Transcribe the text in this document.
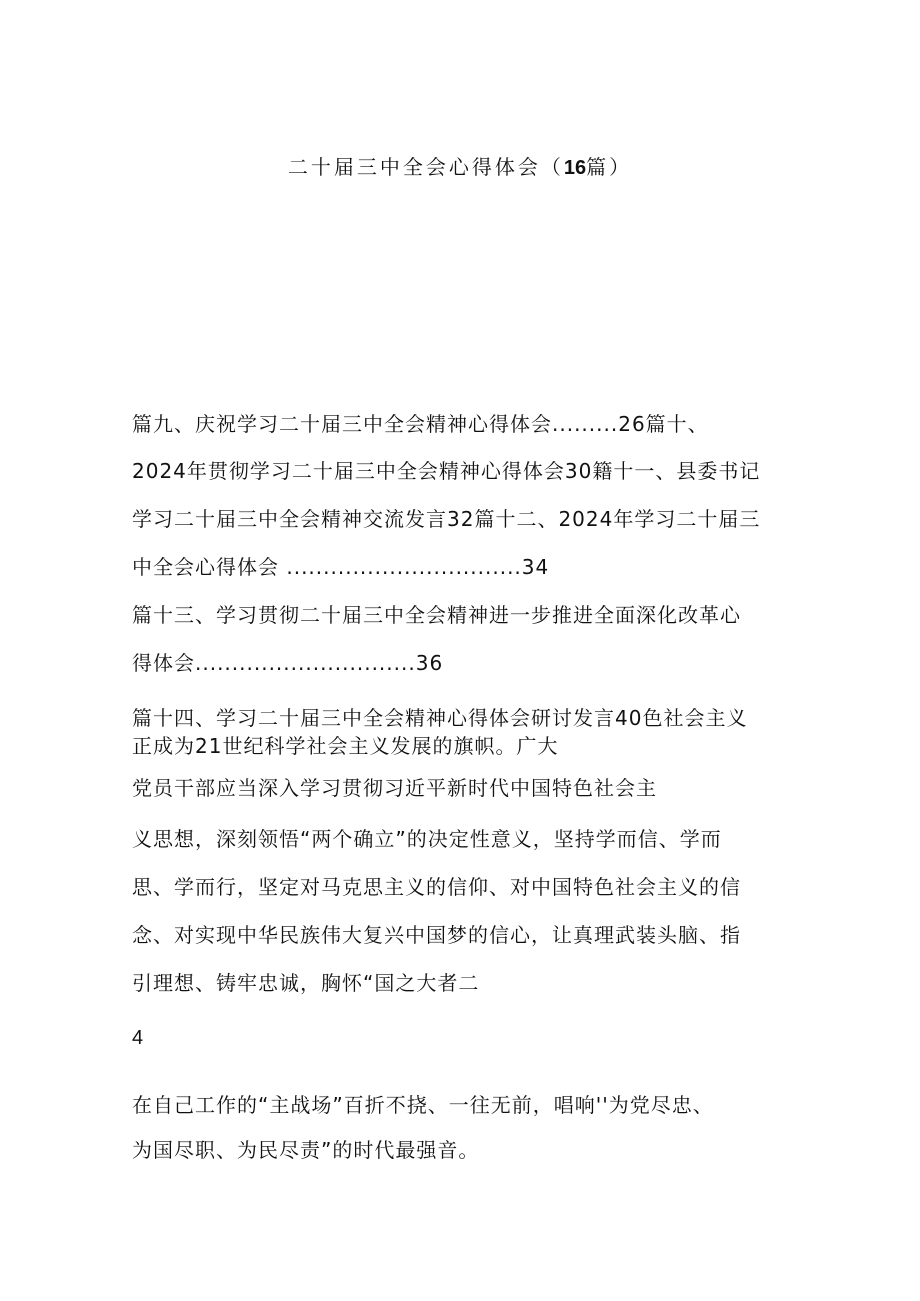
二十届三中全会心得体会（16篇）
篇九、庆祝学习二十届三中全会精神心得体会.........26篇十、
2024年贯彻学习二十届三中全会精神心得体会30籍十一、县委书记
学习二十届三中全会精神交流发言32篇十二、2024年学习二十届三
中全会心得体会 ................................34
篇十三、学习贯彻二十届三中全会精神进一步推进全面深化改革心
得体会..............................36
篇十四、学习二十届三中全会精神心得体会研讨发言40色社会主义
正成为21世纪科学社会主义发展的旗帜。广大
党员干部应当深入学习贯彻习近平新时代中国特色社会主
义思想，深刻领悟“两个确立”的决定性意义，坚持学而信、学而
思、学而行，坚定对马克思主义的信仰、对中国特色社会主义的信
念、对实现中华民族伟大复兴中国梦的信心，让真理武装头脑、指
引理想、铸牢忠诚，胸怀“国之大者二
4
在自己工作的“主战场”百折不挠、一往无前，唱响''为党尽忠、
为国尽职、为民尽责”的时代最强音。
